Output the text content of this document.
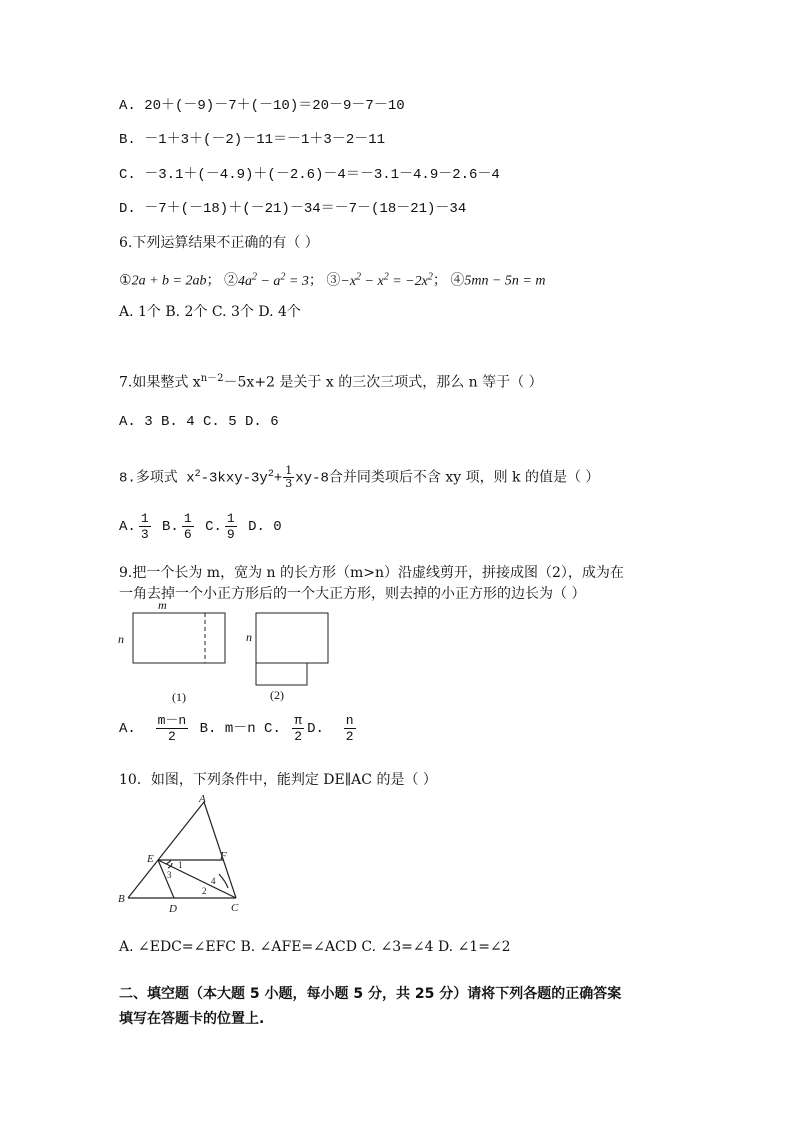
A. 20＋(－9)－7＋(－10)＝20－9－7－10
B. －1＋3＋(－2)－11＝－1＋3－2－11
C. －3.1＋(－4.9)＋(－2.6)－4＝－3.1－4.9－2.6－4
D. －7＋(－18)＋(－21)－34＝－7－(18－21)－34
6.下列运算结果不正确的有（ ）
①2a + b = 2ab； $②4a^2 - a^2 = 3$； $③-x^2 - x^2 = -2x^2$； ④5mn − 5n = m
A. 1个 B. 2个 C. 3个 D. 4个
7.如果整式 $x^{n-2}-5x+2$ 是关于 x 的三次三项式，那么 n 等于（ ）
A. 3 B. 4 C. 5 D. 6
8.多项式 $x^2-3kxy-3y^2+ \frac{1}{3} xy-8$合并同类项后不含 xy 项，则 k 的值是（ ）
A. $\frac{1}{3} B$. $\frac{1}{6} C$. $\frac{1}{9} D$. 0
9.把一个长为 m，宽为 n 的长方形（m>n）沿虚线剪开，拼接成图（2），成为在
一角去掉一个小正方形后的一个大正方形，则去掉的小正方形的边长为（ ）
m
n
(1)
n
(2)
A. $\frac{m-n}{2} B$. m－n C. $\frac{\pi}{2} D$. $\frac{n}{2}$
10．如图，下列条件中，能判定 DE∥AC 的是（ ）
A
B
C
D
E	F
1
2
3
4
A. ∠EDC=∠EFC B. ∠AFE=∠ACD C. ∠3=∠4 D. ∠1=∠2
二、填空题（本大题 5 小题，每小题 5 分，共 25 分）请将下列各题的正确答案
填写在答题卡的位置上.
